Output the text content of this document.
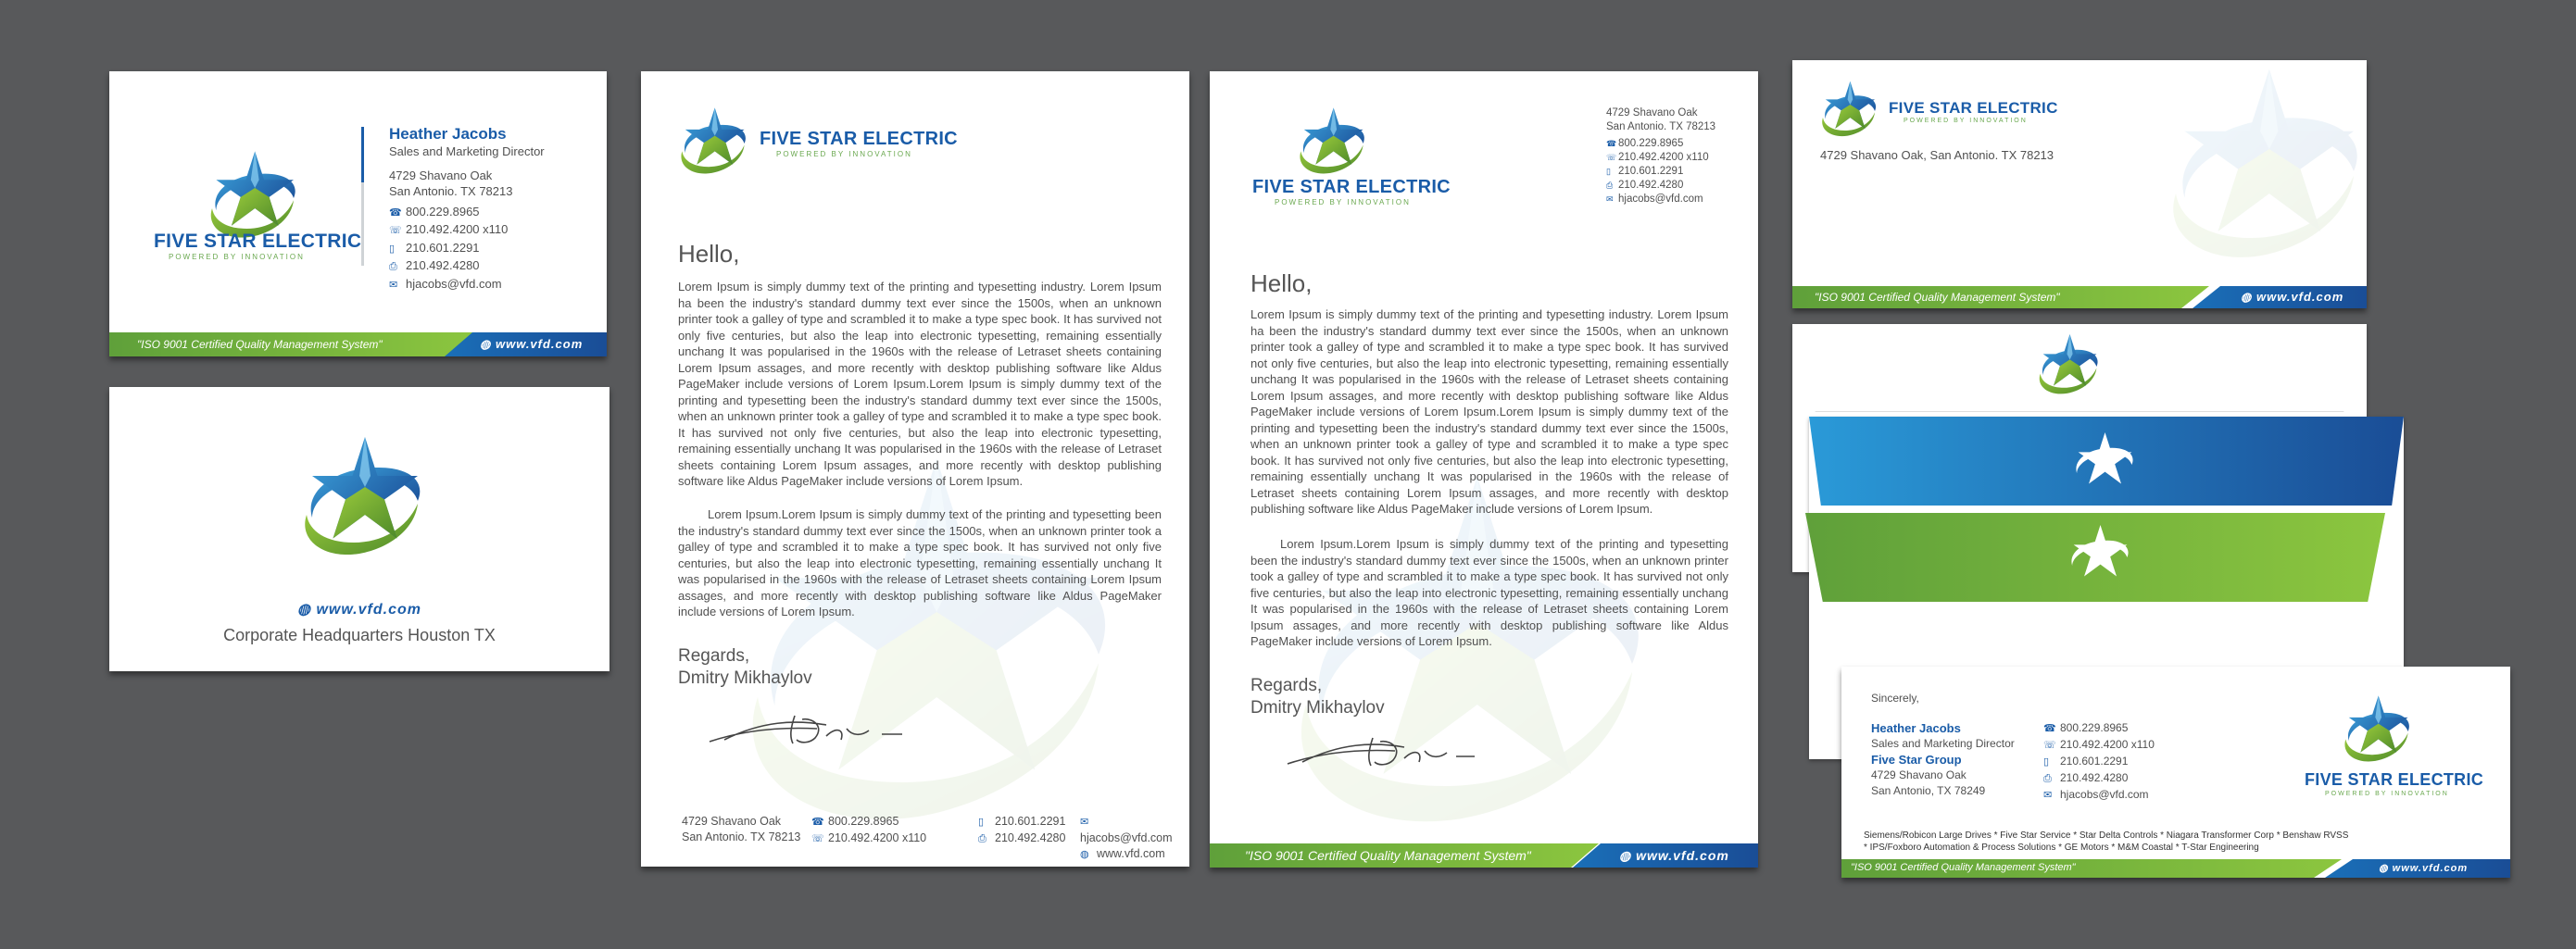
FIVE STAR ELECTRIC
POWERED BY INNOVATION
Heather Jacobs
Sales and Marketing Director
4729 Shavano Oak
San Antonio. TX 78213
☎ 800.229.8965
☏ 210.492.4200 x110
▯ 210.601.2291
⎙ 210.492.4280
✉ hjacobs@vfd.com
"ISO 9001 Certified Quality Management System"	◍ www.vfd.com
◍ www.vfd.com
Corporate Headquarters Houston TX
FIVE STAR ELECTRIC
POWERED BY INNOVATION
Hello,
Lorem Ipsum is simply dummy text of the printing and typesetting industry. Lorem Ipsum ha been the industry's standard dummy text ever since the 1500s, when an unknown printer took a galley of type and scrambled it to make a type spec book. It has survived not only five centuries, but also the leap into electronic typesetting, remaining essentially unchang It was popularised in the 1960s with the release of Letraset sheets containing Lorem Ipsum assages, and more recently with desktop publishing software like Aldus PageMaker include versions of Lorem Ipsum.Lorem Ipsum is simply dummy text of the printing and typesetting been the industry's standard dummy text ever since the 1500s, when an unknown printer took a galley of type and scrambled it to make a type spec book. It has survived not only five centuries, but also the leap into electronic typesetting, remaining essentially unchang It was popularised in the 1960s with the release of Letraset sheets containing Lorem Ipsum assages, and more recently with desktop publishing software like Aldus PageMaker include versions of Lorem Ipsum.
Lorem Ipsum.Lorem Ipsum is simply dummy text of the printing and typesetting been the industry's standard dummy text ever since the 1500s, when an unknown printer took a galley of type and scrambled it to make a type spec book. It has survived not only five centuries, but also the leap into electronic typesetting, remaining essentially unchang It was popularised in the 1960s with the release of Letraset sheets containing Lorem Ipsum assages, and more recently with desktop publishing software like Aldus PageMaker include versions of Lorem Ipsum.
Regards,
Dmitry Mikhaylov
4729 Shavano Oak
San Antonio. TX 78213
☎ 800.229.8965
☏ 210.492.4200 x110
▯ 210.601.2291
⎙ 210.492.4280
✉hjacobs@vfd.com
◍ www.vfd.com
FIVE STAR ELECTRIC
POWERED BY INNOVATION
4729 Shavano Oak
San Antonio. TX 78213
☎ 800.229.8965
☏ 210.492.4200 x110
▯ 210.601.2291
⎙ 210.492.4280
✉ hjacobs@vfd.com
Hello,
Lorem Ipsum is simply dummy text of the printing and typesetting industry. Lorem Ipsum ha been the industry's standard dummy text ever since the 1500s, when an unknown printer took a galley of type and scrambled it to make a type spec book. It has survived not only five centuries, but also the leap into electronic typesetting, remaining essentially unchang It was popularised in the 1960s with the release of Letraset sheets containing Lorem Ipsum assages, and more recently with desktop publishing software like Aldus PageMaker include versions of Lorem Ipsum.Lorem Ipsum is simply dummy text of the printing and typesetting been the industry's standard dummy text ever since the 1500s, when an unknown printer took a galley of type and scrambled it to make a type spec book. It has survived not only five centuries, but also the leap into electronic typesetting, remaining essentially unchang It was popularised in the 1960s with the release of Letraset sheets containing Lorem Ipsum assages, and more recently with desktop publishing software like Aldus PageMaker include versions of Lorem Ipsum.
Lorem Ipsum.Lorem Ipsum is simply dummy text of the printing and typesetting been the industry's standard dummy text ever since the 1500s, when an unknown printer took a galley of type and scrambled it to make a type spec book. It has survived not only five centuries, but also the leap into electronic typesetting, remaining essentially unchang It was popularised in the 1960s with the release of Letraset sheets containing Lorem Ipsum assages, and more recently with desktop publishing software like Aldus PageMaker include versions of Lorem Ipsum.
Regards,
Dmitry Mikhaylov
"ISO 9001 Certified Quality Management System"	◍ www.vfd.com
FIVE STAR ELECTRIC
POWERED BY INNOVATION
4729 Shavano Oak, San Antonio. TX 78213
"ISO 9001 Certified Quality Management System"	◍ www.vfd.com
Sincerely,
Heather Jacobs
Sales and Marketing Director
Five Star Group
4729 Shavano Oak
San Antonio, TX 78249
☎ 800.229.8965
☏ 210.492.4200 x110
▯ 210.601.2291
⎙ 210.492.4280
✉ hjacobs@vfd.com
FIVE STAR ELECTRIC
POWERED BY INNOVATION
Siemens/Robicon Large Drives * Five Star Service * Star Delta Controls * Niagara Transformer Corp * Benshaw RVSS
* IPS/Foxboro Automation & Process Solutions * GE Motors * M&M Coastal * T-Star Engineering
"ISO 9001 Certified Quality Management System"	◍ www.vfd.com
